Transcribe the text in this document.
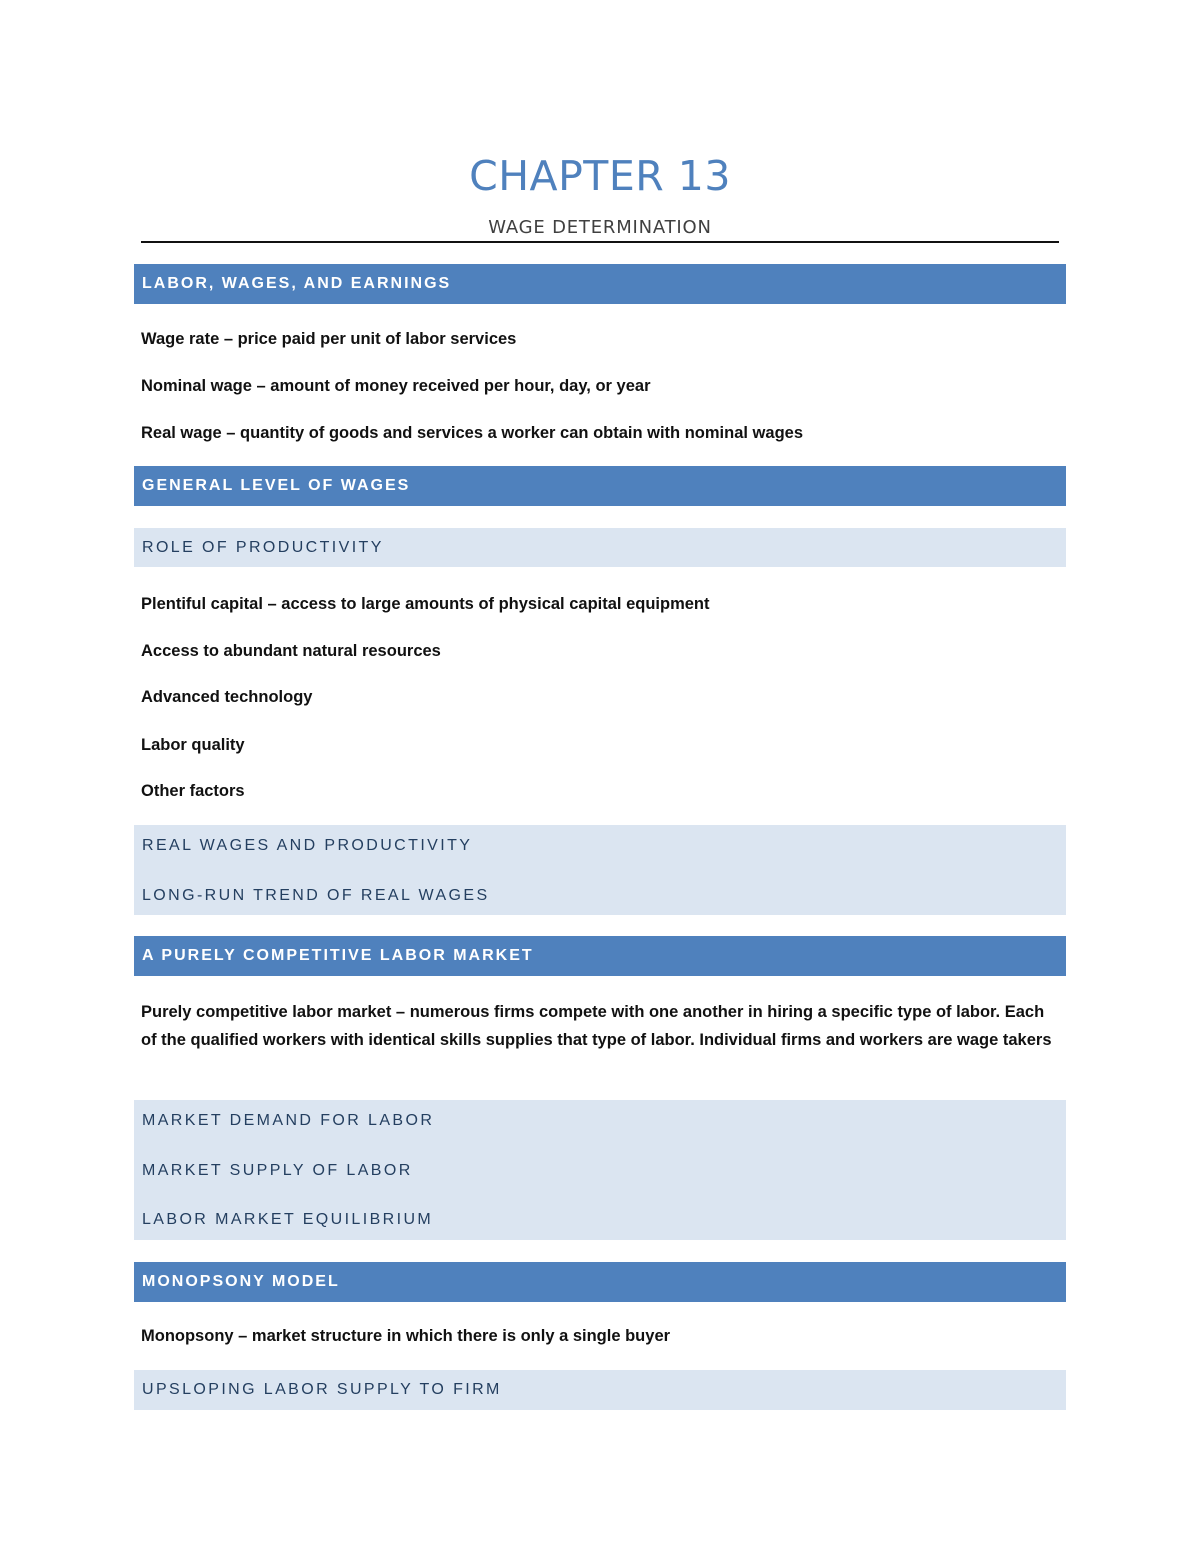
CHAPTER 13
WAGE DETERMINATION
LABOR, WAGES, AND EARNINGS
Wage rate – price paid per unit of labor services
Nominal wage – amount of money received per hour, day, or year
Real wage – quantity of goods and services a worker can obtain with nominal wages
GENERAL LEVEL OF WAGES
ROLE OF PRODUCTIVITY
Plentiful capital – access to large amounts of physical capital equipment
Access to abundant natural resources
Advanced technology
Labor quality
Other factors
REAL WAGES AND PRODUCTIVITY
LONG-RUN TREND OF REAL WAGES
A PURELY COMPETITIVE LABOR MARKET
Purely competitive labor market – numerous firms compete with one another in hiring a specific type of labor. Each of the qualified workers with identical skills supplies that type of labor. Individual firms and workers are wage takers
MARKET DEMAND FOR LABOR
MARKET SUPPLY OF LABOR
LABOR MARKET EQUILIBRIUM
MONOPSONY MODEL
Monopsony – market structure in which there is only a single buyer
UPSLOPING LABOR SUPPLY TO FIRM
